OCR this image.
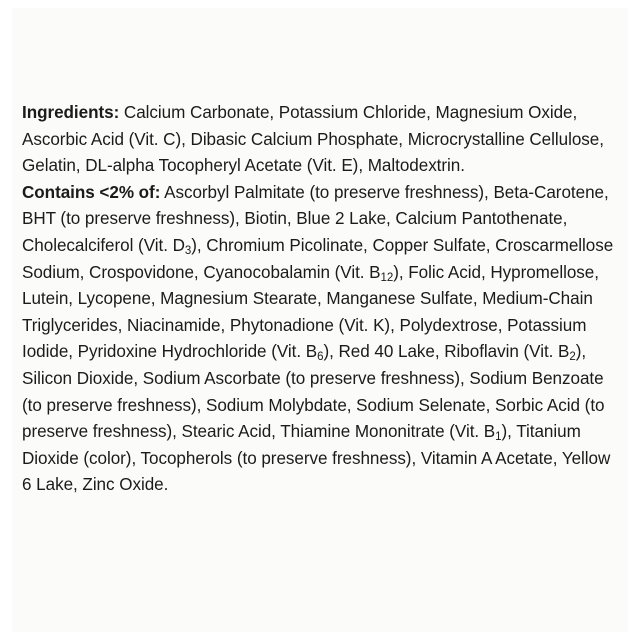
Ingredients: Calcium Carbonate, Potassium Chloride, Magnesium Oxide, Ascorbic Acid (Vit. C), Dibasic Calcium Phosphate, Microcrystalline Cellulose, Gelatin, DL-alpha Tocopheryl Acetate (Vit. E), Maltodextrin.

Contains <2% of: Ascorbyl Palmitate (to preserve freshness), Beta-Carotene, BHT (to preserve freshness), Biotin, Blue 2 Lake, Calcium Pantothenate, Cholecalciferol (Vit. $D_3$), Chromium Picolinate, Copper Sulfate, Croscarmellose Sodium, Crospovidone, Cyanocobalamin (Vit. $B_{12}$), Folic Acid, Hypromellose, Lutein, Lycopene, Magnesium Stearate, Manganese Sulfate, Medium-Chain Triglycerides, Niacinamide, Phytonadione (Vit. K), Polydextrose, Potassium Iodide, Pyridoxine Hydrochloride (Vit. $B_6$), Red 40 Lake, Riboflavin (Vit. $B_2$), Silicon Dioxide, Sodium Ascorbate (to preserve freshness), Sodium Benzoate (to preserve freshness), Sodium Molybdate, Sodium Selenate, Sorbic Acid (to preserve freshness), Stearic Acid, Thiamine Mononitrate (Vit. $B_1$), Titanium Dioxide (color), Tocopherols (to preserve freshness), Vitamin A Acetate, Yellow 6 Lake, Zinc Oxide.
